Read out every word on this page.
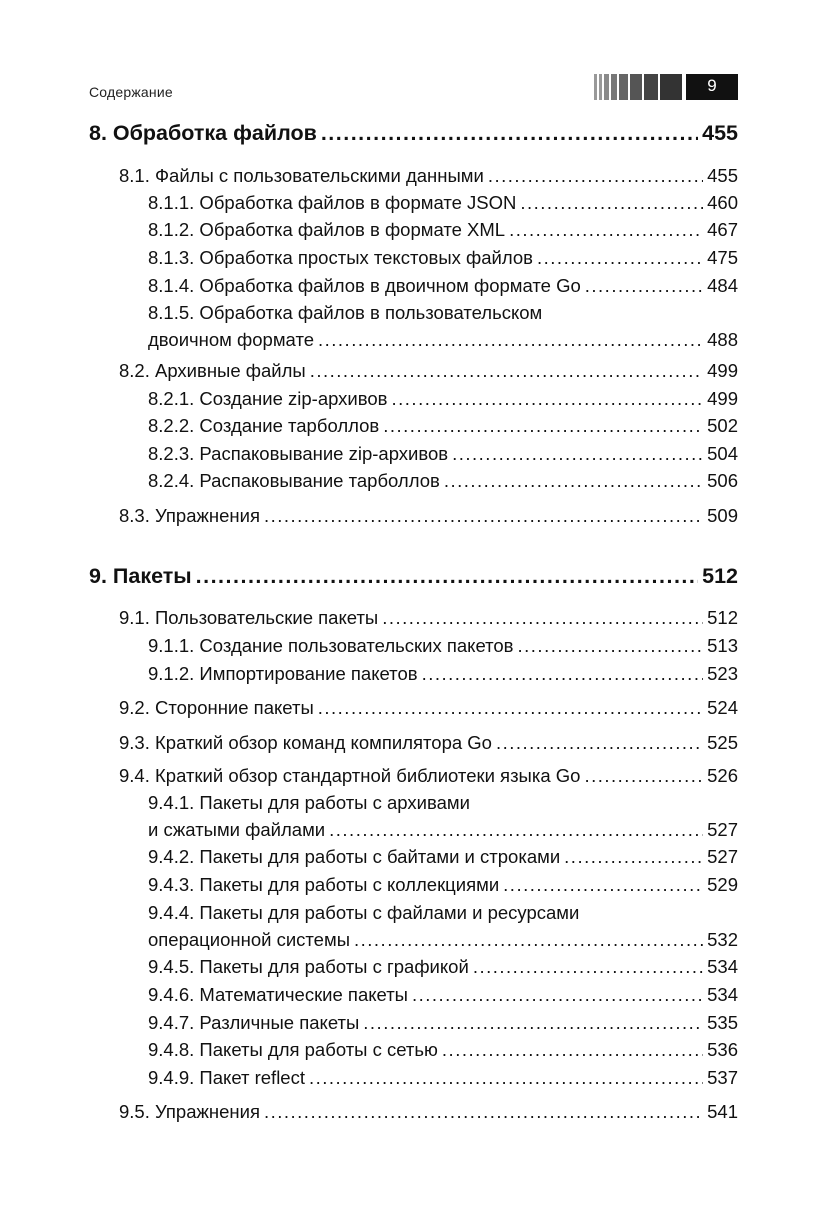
Содержание	9
8. Обработка файлов .....	455
8.1. Файлы с пользовательскими данными .....	455
8.1.1. Обработка файлов в формате JSON .....	460
8.1.2. Обработка файлов в формате XML .....	467
8.1.3. Обработка простых текстовых файлов .....	475
8.1.4. Обработка файлов в двоичном формате Go .....	484
8.1.5. Обработка файлов в пользовательском
двоичном формате .....	488
8.2. Архивные файлы .....	499
8.2.1. Создание zip-архивов .....	499
8.2.2. Создание тарболлов .....	502
8.2.3. Распаковывание zip-архивов .....	504
8.2.4. Распаковывание тарболлов .....	506
8.3. Упражнения .....	509
9. Пакеты .....	512
9.1. Пользовательские пакеты .....	512
9.1.1. Создание пользовательских пакетов .....	513
9.1.2. Импортирование пакетов .....	523
9.2. Сторонние пакеты .....	524
9.3. Краткий обзор команд компилятора Go .....	525
9.4. Краткий обзор стандартной библиотеки языка Go .....	526
9.4.1. Пакеты для работы с архивами
и сжатыми файлами .....	527
9.4.2. Пакеты для работы с байтами и строками .....	527
9.4.3. Пакеты для работы с коллекциями .....	529
9.4.4. Пакеты для работы с файлами и ресурсами
операционной системы .....	532
9.4.5. Пакеты для работы с графикой .....	534
9.4.6. Математические пакеты .....	534
9.4.7. Различные пакеты .....	535
9.4.8. Пакеты для работы с сетью .....	536
9.4.9. Пакет reflect .....	537
9.5. Упражнения .....	541
